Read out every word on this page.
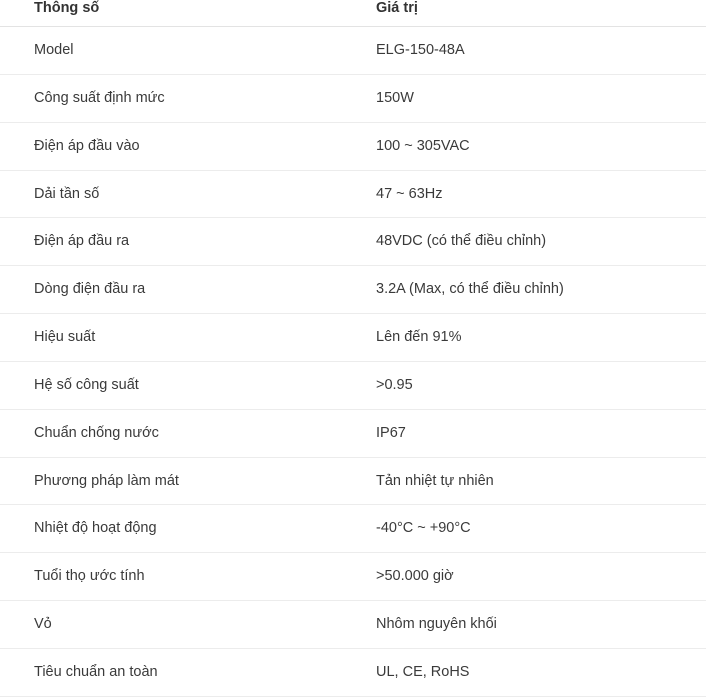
Thông số	Giá trị
Model	ELG-150-48A
Công suất định mức	150W
Điện áp đầu vào	100 ~ 305VAC
Dải tần số	47 ~ 63Hz
Điện áp đầu ra	48VDC (có thể điều chỉnh)
Dòng điện đầu ra	3.2A (Max, có thể điều chỉnh)
Hiệu suất	Lên đến 91%
Hệ số công suất	>0.95
Chuẩn chống nước	IP67
Phương pháp làm mát	Tản nhiệt tự nhiên
Nhiệt độ hoạt động	-40°C ~ +90°C
Tuổi thọ ước tính	>50.000 giờ
Vỏ	Nhôm nguyên khối
Tiêu chuẩn an toàn	UL, CE, RoHS
